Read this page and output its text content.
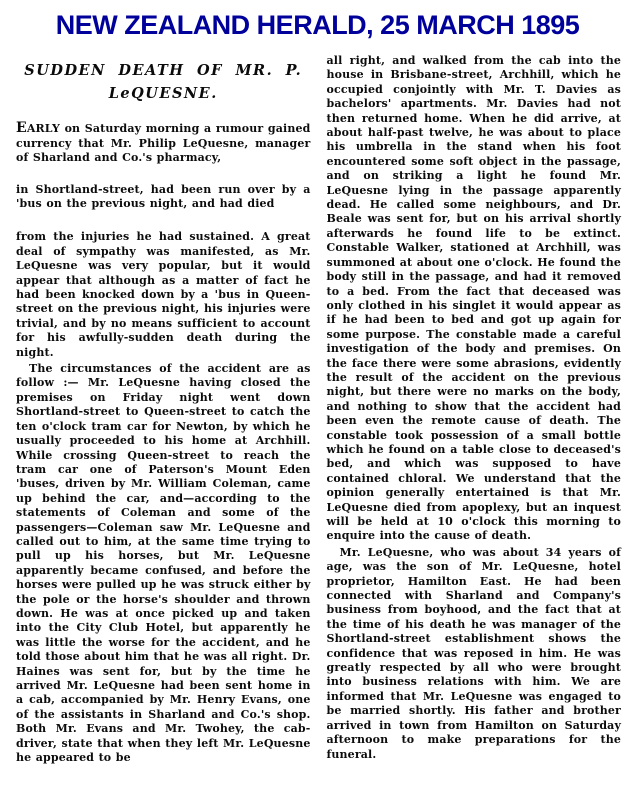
NEW ZEALAND HERALD, 25 MARCH 1895
SUDDEN DEATH OF MR. P.
LeQUESNE.

EARLY on Saturday morning a rumour gained currency that Mr. Philip LeQuesne, manager of Sharland and Co.'s pharmacy,

in Shortland-street, had been run over by a 'bus on the previous night, and had died

from the injuries he had sustained. A great deal of sympathy was manifested, as Mr. LeQuesne was very popular, but it would appear that although as a matter of fact he had been knocked down by a 'bus in Queen-street on the previous night, his injuries were trivial, and by no means sufficient to account for his awfully-sudden death during the night.

The circumstances of the accident are as follow :— Mr. LeQuesne having closed the premises on Friday night went down Shortland-street to Queen-street to catch the ten o'clock tram car for Newton, by which he usually proceeded to his home at Archhill. While crossing Queen-street to reach the tram car one of Paterson's Mount Eden 'buses, driven by Mr. William Coleman, came up behind the car, and—according to the statements of Coleman and some of the passengers—Coleman saw Mr. LeQuesne and called out to him, at the same time trying to pull up his horses, but Mr. LeQuesne apparently became confused, and before the horses were pulled up he was struck either by the pole or the horse's shoulder and thrown down. He was at once picked up and taken into the City Club Hotel, but apparently he was little the worse for the accident, and he told those about him that he was all right. Dr. Haines was sent for, but by the time he arrived Mr. LeQuesne had been sent home in a cab, accompanied by Mr. Henry Evans, one of the assistants in Sharland and Co.'s shop. Both Mr. Evans and Mr. Twohey, the cab-driver, state that when they left Mr. LeQuesne he appeared to be

all right, and walked from the cab into the house in Brisbane-street, Archhill, which he occupied conjointly with Mr. T. Davies as bachelors' apartments. Mr. Davies had not then returned home. When he did arrive, at about half-past twelve, he was about to place his umbrella in the stand when his foot encountered some soft object in the passage, and on striking a light he found Mr. LeQuesne lying in the passage apparently dead. He called some neighbours, and Dr. Beale was sent for, but on his arrival shortly afterwards he found life to be extinct. Constable Walker, stationed at Archhill, was summoned at about one o'clock. He found the body still in the passage, and had it removed to a bed. From the fact that deceased was only clothed in his singlet it would appear as if he had been to bed and got up again for some purpose. The constable made a careful investigation of the body and premises. On the face there were some abrasions, evidently the result of the accident on the previous night, but there were no marks on the body, and nothing to show that the accident had been even the remote cause of death. The constable took possession of a small bottle which he found on a table close to deceased's bed, and which was supposed to have contained chloral. We understand that the opinion generally entertained is that Mr. LeQuesne died from apoplexy, but an inquest will be held at 10 o'clock this morning to enquire into the cause of death.

Mr. LeQuesne, who was about 34 years of age, was the son of Mr. LeQuesne, hotel proprietor, Hamilton East. He had been connected with Sharland and Company's business from boyhood, and the fact that at the time of his death he was manager of the Shortland-street establishment shows the confidence that was reposed in him. He was greatly respected by all who were brought into business relations with him. We are informed that Mr. LeQuesne was engaged to be married shortly. His father and brother arrived in town from Hamilton on Saturday afternoon to make preparations for the funeral.
